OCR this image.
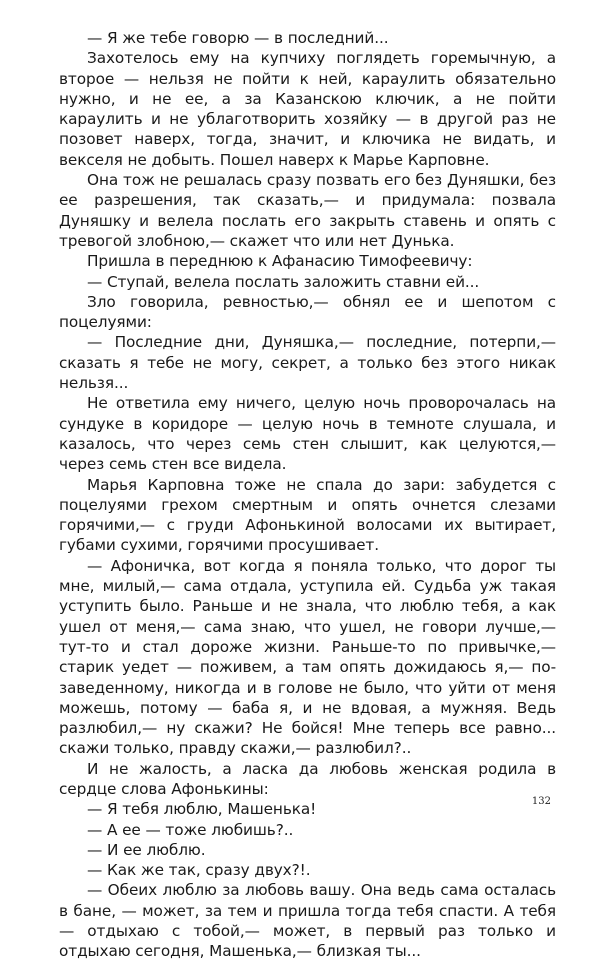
— Я же тебе говорю — в последний...

Захотелось ему на купчиху поглядеть горемычную, а второе — нельзя не пойти к ней, караулить обязательно нужно, и не ее, а за Казанскою ключик, а не пойти караулить и не ублаготворить хозяйку — в другой раз не позовет наверх, тогда, значит, и ключика не видать, и векселя не добыть. Пошел наверх к Марье Карповне.

Она тож не решалась сразу позвать его без Дуняшки, без ее разрешения, так сказать,— и придумала: позвала Дуняшку и велела послать его закрыть ставень и опять с тревогой злобною,— скажет что или нет Дунька.

Пришла в переднюю к Афанасию Тимофеевичу:

— Ступай, велела послать заложить ставни ей...

Зло говорила, ревностью,— обнял ее и шепотом с поцелуями:

— Последние дни, Дуняшка,— последние, потерпи,— сказать я тебе не могу, секрет, а только без этого никак нельзя...

Не ответила ему ничего, целую ночь проворочалась на сундуке в коридоре — целую ночь в темноте слушала, и казалось, что через семь стен слышит, как целуются,— через семь стен все видела.

Марья Карповна тоже не спала до зари: забудется с поцелуями грехом смертным и опять очнется слезами горячими,— с груди Афонькиной волосами их вытирает, губами сухими, горячими просушивает.

— Афоничка, вот когда я поняла только, что дорог ты мне, милый,— сама отдала, уступила ей. Судьба уж такая уступить было. Раньше и не знала, что люблю тебя, а как ушел от меня,— сама знаю, что ушел, не говори лучше,— тут-то и стал дороже жизни. Раньше-то по привычке,— старик уедет — поживем, а там опять дожидаюсь я,— по-заведенному, никогда и в голове не было, что уйти от меня можешь, потому — баба я, и не вдовая, а мужняя. Ведь разлюбил,— ну скажи? Не бойся! Мне теперь все равно... скажи только, правду скажи,— разлюбил?..

И не жалость, а ласка да любовь женская родила в сердце слова Афонькины:

— Я тебя люблю, Машенька!

— А ее — тоже любишь?..

— И ее люблю.

— Как же так, сразу двух?!.

— Обеих люблю за любовь вашу. Она ведь сама осталась в бане, — может, за тем и пришла тогда тебя спасти. А тебя — отдыхаю с тобой,— может, в первый раз только и отдыхаю сегодня, Машенька,— близкая ты...

132
